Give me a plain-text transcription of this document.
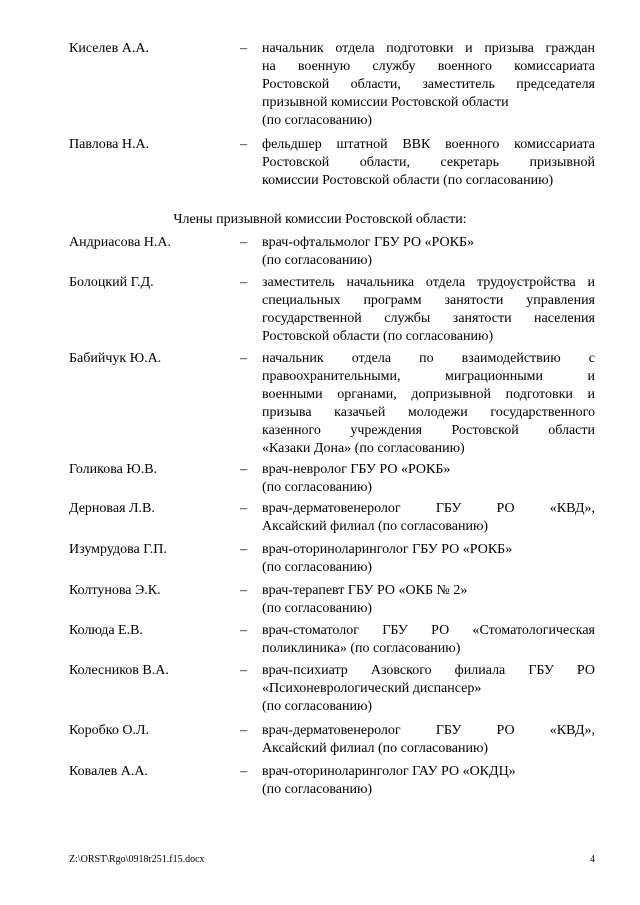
Киселев А.А.	– начальник отдела подготовки и призыва граждан
на военную службу военного комиссариата
Ростовской области, заместитель председателя
призывной комиссии Ростовской области
(по согласованию)
Павлова Н.А.	– фельдшер штатной ВВК военного комиссариата
Ростовской области, секретарь призывной
комиссии Ростовской области (по согласованию)
Андриасова Н.А.	– врач-офтальмолог ГБУ РО «РОКБ»
(по согласованию)
Болоцкий Г.Д.	– заместитель начальника отдела трудоустройства и
специальных программ занятости управления
государственной службы занятости населения
Ростовской области (по согласованию)
Бабийчук Ю.А.	– начальник отдела по взаимодействию с
правоохранительными, миграционными и
военными органами, допризывной подготовки и
призыва казачьей молодежи государственного
казенного учреждения Ростовской области
«Казаки Дона» (по согласованию)
Голикова Ю.В.	– врач-невролог ГБУ РО «РОКБ»
(по согласованию)
Дерновая Л.В.	– врач-дерматовенеролог ГБУ РО «КВД»,
Аксайский филиал (по согласованию)
Изумрудова Г.П.	– врач-оториноларинголог ГБУ РО «РОКБ»
(по согласованию)
Колтунова Э.К.	– врач-терапевт ГБУ РО «ОКБ № 2»
(по согласованию)
Колюда Е.В.	– врач-стоматолог ГБУ РО «Стоматологическая
поликлиника» (по согласованию)
Колесников В.А.	– врач-психиатр Азовского филиала ГБУ РО
«Психоневрологический диспансер»
(по согласованию)
Коробко О.Л.	– врач-дерматовенеролог ГБУ РО «КВД»,
Аксайский филиал (по согласованию)
Ковалев А.А.	– врач-оториноларинголог ГАУ РО «ОКДЦ»
(по согласованию)
Члены призывной комиссии Ростовской области:
Z:\ORST\Rgo\0918r251.f15.docx	4
